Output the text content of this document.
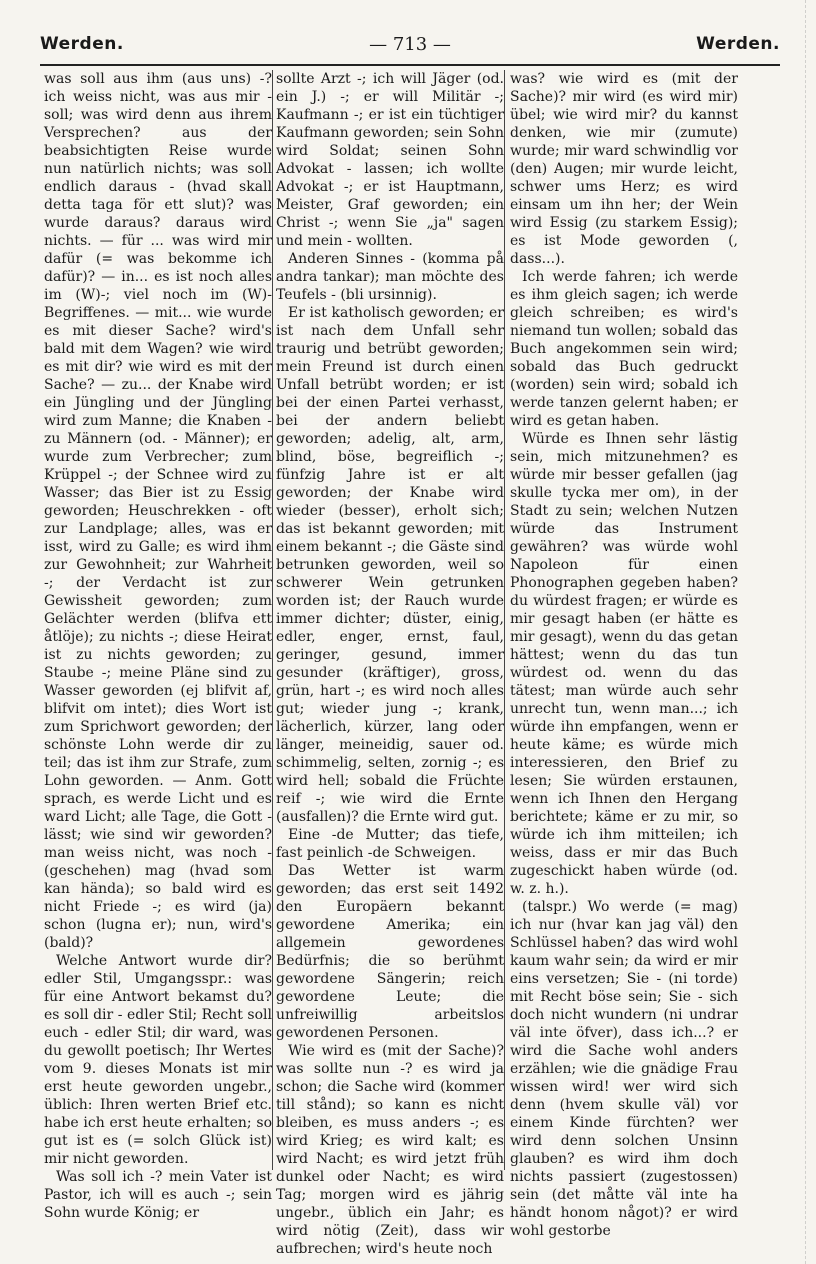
Werden.	— 713 —	Werden.

was soll aus ihm (aus uns) -? ich weiss nicht, was aus mir - soll; was wird denn aus ihrem Versprechen? aus der beabsichtigten Reise wurde nun natürlich nichts; was soll endlich daraus - (hvad skall detta taga för ett slut)? was wurde daraus? daraus wird nichts. — für ... was wird mir dafür (= was bekomme ich dafür)? — in... es ist noch alles im (W)-; viel noch im (W)- Begriffenes. — mit... wie wurde es mit dieser Sache? wird's bald mit dem Wagen? wie wird es mit dir? wie wird es mit der Sache? — zu... der Knabe wird ein Jüngling und der Jüngling wird zum Manne; die Knaben - zu Männern (od. - Männer); er wurde zum Verbrecher; zum Krüppel -; der Schnee wird zu Wasser; das Bier ist zu Essig geworden; Heuschrekken - oft zur Landplage; alles, was er isst, wird zu Galle; es wird ihm zur Gewohnheit; zur Wahrheit -; der Verdacht ist zur Gewissheit geworden; zum Gelächter werden (blifva ett åtlöje); zu nichts -; diese Heirat ist zu nichts geworden; zu Staube -; meine Pläne sind zu Wasser geworden (ej blifvit af, blifvit om intet); dies Wort ist zum Sprichwort geworden; der schönste Lohn werde dir zu teil; das ist ihm zur Strafe, zum Lohn geworden. — Anm. Gott sprach, es werde Licht und es ward Licht; alle Tage, die Gott - lässt; wie sind wir geworden? man weiss nicht, was noch - (geschehen) mag (hvad som kan hända); so bald wird es nicht Friede -; es wird (ja) schon (lugna er); nun, wird's (bald)?

Welche Antwort wurde dir? edler Stil, Umgangsspr.: was für eine Antwort bekamst du? es soll dir - edler Stil; Recht soll euch - edler Stil; dir ward, was du gewollt poetisch; Ihr Wertes vom 9. dieses Monats ist mir erst heute geworden ungebr., üblich: Ihren werten Brief etc. habe ich erst heute erhalten; so gut ist es (= solch Glück ist) mir nicht geworden.

Was soll ich -? mein Vater ist Pastor, ich will es auch -; sein Sohn wurde König; er

sollte Arzt -; ich will Jäger (od. ein J.) -; er will Militär -; Kaufmann -; er ist ein tüchtiger Kaufmann geworden; sein Sohn wird Soldat; seinen Sohn Advokat - lassen; ich wollte Advokat -; er ist Hauptmann, Meister, Graf geworden; ein Christ -; wenn Sie „ja" sagen und mein - wollten.

Anderen Sinnes - (komma på andra tankar); man möchte des Teufels - (bli ursinnig).

Er ist katholisch geworden; er ist nach dem Unfall sehr traurig und betrübt geworden; mein Freund ist durch einen Unfall betrübt worden; er ist bei der einen Partei verhasst, bei der andern beliebt geworden; adelig, alt, arm, blind, böse, begreiflich -; fünfzig Jahre ist er alt geworden; der Knabe wird wieder (besser), erholt sich; das ist bekannt geworden; mit einem bekannt -; die Gäste sind betrunken geworden, weil so schwerer Wein getrunken worden ist; der Rauch wurde immer dichter; düster, einig, edler, enger, ernst, faul, geringer, gesund, immer gesunder (kräftiger), gross, grün, hart -; es wird noch alles gut; wieder jung -; krank, lächerlich, kürzer, lang oder länger, meineidig, sauer od. schimmelig, selten, zornig -; es wird hell; sobald die Früchte reif -; wie wird die Ernte (ausfallen)? die Ernte wird gut.

Eine -de Mutter; das tiefe, fast peinlich -de Schweigen.

Das Wetter ist warm geworden; das erst seit 1492 den Europäern bekannt gewordene Amerika; ein allgemein gewordenes Bedürfnis; die so berühmt gewordene Sängerin; reich gewordene Leute; die unfreiwillig arbeitslos gewordenen Personen.

Wie wird es (mit der Sache)? was sollte nun -? es wird ja schon; die Sache wird (kommer till stånd); so kann es nicht bleiben, es muss anders -; es wird Krieg; es wird kalt; es wird Nacht; es wird jetzt früh dunkel oder Nacht; es wird Tag; morgen wird es jährig ungebr., üblich ein Jahr; es wird nötig (Zeit), dass wir aufbrechen; wird's heute noch

was? wie wird es (mit der Sache)? mir wird (es wird mir) übel; wie wird mir? du kannst denken, wie mir (zumute) wurde; mir ward schwindlig vor (den) Augen; mir wurde leicht, schwer ums Herz; es wird einsam um ihn her; der Wein wird Essig (zu starkem Essig); es ist Mode geworden (, dass...).

Ich werde fahren; ich werde es ihm gleich sagen; ich werde gleich schreiben; es wird's niemand tun wollen; sobald das Buch angekommen sein wird; sobald das Buch gedruckt (worden) sein wird; sobald ich werde tanzen gelernt haben; er wird es getan haben.

Würde es Ihnen sehr lästig sein, mich mitzunehmen? es würde mir besser gefallen (jag skulle tycka mer om), in der Stadt zu sein; welchen Nutzen würde das Instrument gewähren? was würde wohl Napoleon für einen Phonographen gegeben haben? du würdest fragen; er würde es mir gesagt haben (er hätte es mir gesagt), wenn du das getan hättest; wenn du das tun würdest od. wenn du das tätest; man würde auch sehr unrecht tun, wenn man...; ich würde ihn empfangen, wenn er heute käme; es würde mich interessieren, den Brief zu lesen; Sie würden erstaunen, wenn ich Ihnen den Hergang berichtete; käme er zu mir, so würde ich ihm mitteilen; ich weiss, dass er mir das Buch zugeschickt haben würde (od. w. z. h.).

(talspr.) Wo werde (= mag) ich nur (hvar kan jag väl) den Schlüssel haben? das wird wohl kaum wahr sein; da wird er mir eins versetzen; Sie - (ni torde) mit Recht böse sein; Sie - sich doch nicht wundern (ni undrar väl inte öfver), dass ich...? er wird die Sache wohl anders erzählen; wie die gnädige Frau wissen wird! wer wird sich denn (hvem skulle väl) vor einem Kinde fürchten? wer wird denn solchen Unsinn glauben? es wird ihm doch nichts passiert (zugestossen) sein (det måtte väl inte ha händt honom något)? er wird wohl gestorbe
